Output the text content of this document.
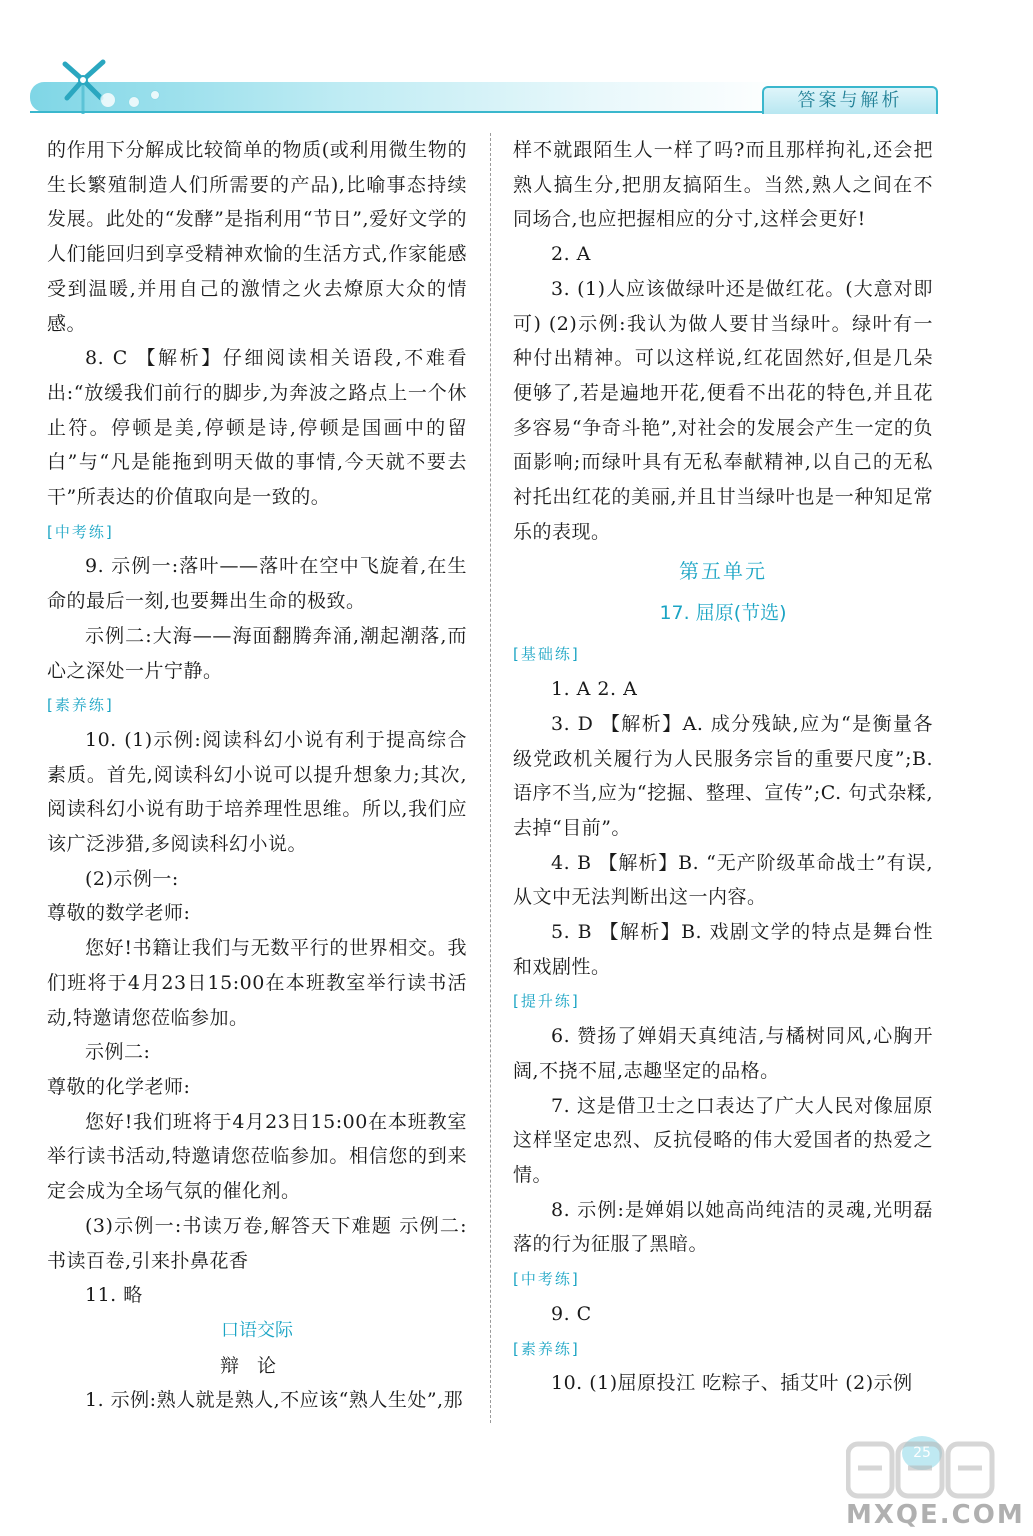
答案与解析

的作用下分解成比较简单的物质(或利用微生物的生长繁殖制造人们所需要的产品),比喻事态持续发展。此处的“发酵”是指利用“节日”,爱好文学的人们能回归到享受精神欢愉的生活方式,作家能感受到温暖,并用自己的激情之火去燎原大众的情感。

8. C 【解析】仔细阅读相关语段,不难看出:“放缓我们前行的脚步,为奔波之路点上一个休止符。停顿是美,停顿是诗,停顿是国画中的留白”与“凡是能拖到明天做的事情,今天就不要去干”所表达的价值取向是一致的。

[中考练]

9. 示例一:落叶——落叶在空中飞旋着,在生命的最后一刻,也要舞出生命的极致。

示例二:大海——海面翻腾奔涌,潮起潮落,而心之深处一片宁静。

[素养练]

10. (1)示例:阅读科幻小说有利于提高综合素质。首先,阅读科幻小说可以提升想象力;其次,阅读科幻小说有助于培养理性思维。所以,我们应该广泛涉猎,多阅读科幻小说。

(2)示例一:

尊敬的数学老师:

您好!书籍让我们与无数平行的世界相交。我们班将于4月23日15:00在本班教室举行读书活动,特邀请您莅临参加。

示例二:

尊敬的化学老师:

您好!我们班将于4月23日15:00在本班教室举行读书活动,特邀请您莅临参加。相信您的到来定会成为全场气氛的催化剂。

(3)示例一:书读万卷,解答天下难题 示例二:书读百卷,引来扑鼻花香

11. 略

口语交际

辩论

1. 示例:熟人就是熟人,不应该“熟人生处”,那

样不就跟陌生人一样了吗?而且那样拘礼,还会把熟人搞生分,把朋友搞陌生。当然,熟人之间在不同场合,也应把握相应的分寸,这样会更好!

2. A

3. (1)人应该做绿叶还是做红花。(大意对即可) (2)示例:我认为做人要甘当绿叶。绿叶有一种付出精神。可以这样说,红花固然好,但是几朵便够了,若是遍地开花,便看不出花的特色,并且花多容易“争奇斗艳”,对社会的发展会产生一定的负面影响;而绿叶具有无私奉献精神,以自己的无私衬托出红花的美丽,并且甘当绿叶也是一种知足常乐的表现。

第五单元

17. 屈原(节选)

[基础练]

1. A 2. A

3. D 【解析】A. 成分残缺,应为“是衡量各级党政机关履行为人民服务宗旨的重要尺度”;B. 语序不当,应为“挖掘、整理、宣传”;C. 句式杂糅,去掉“目前”。

4. B 【解析】B. “无产阶级革命战士”有误,从文中无法判断出这一内容。

5. B 【解析】B. 戏剧文学的特点是舞台性和戏剧性。

[提升练]

6. 赞扬了婵娟天真纯洁,与橘树同风,心胸开阔,不挠不屈,志趣坚定的品格。

7. 这是借卫士之口表达了广大人民对像屈原这样坚定忠烈、反抗侵略的伟大爱国者的热爱之情。

8. 示例:是婵娟以她高尚纯洁的灵魂,光明磊落的行为征服了黑暗。

[中考练]

9. C

[素养练]

10. (1)屈原投江 吃粽子、插艾叶 (2)示例

25
MXQE.COM
